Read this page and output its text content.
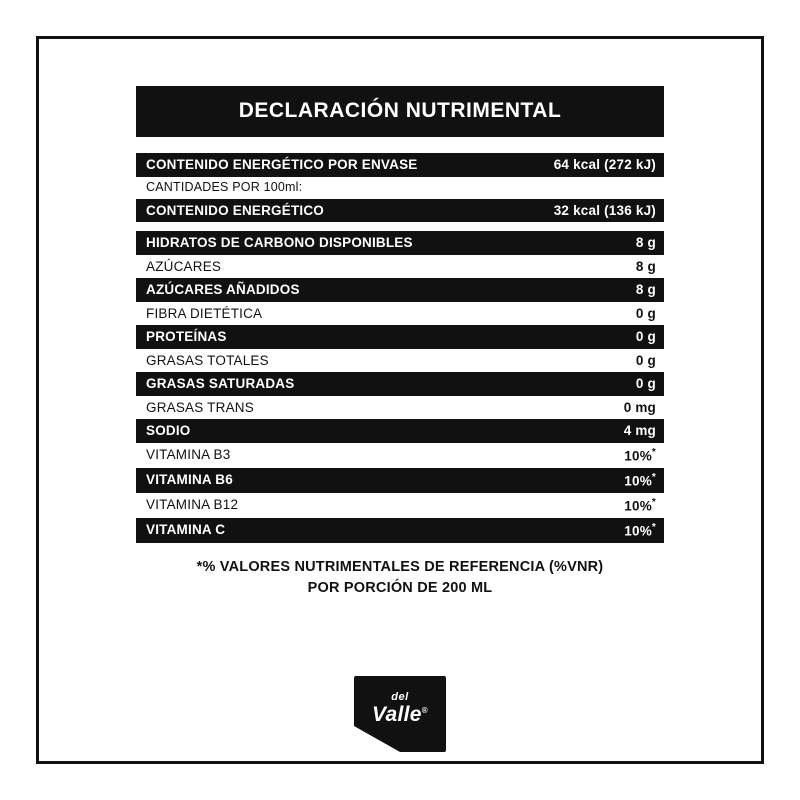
DECLARACIÓN NUTRIMENTAL
CONTENIDO ENERGÉTICO POR ENVASE	64 kcal (272 kJ)
CANTIDADES POR 100ml:
CONTENIDO ENERGÉTICO	32 kcal (136 kJ)
HIDRATOS DE CARBONO DISPONIBLES	8 g
AZÚCARES	8 g
AZÚCARES AÑADIDOS	8 g
FIBRA DIETÉTICA	0 g
PROTEÍNAS	0 g
GRASAS TOTALES	0 g
GRASAS SATURADAS	0 g
GRASAS TRANS	0 mg
SODIO	4 mg
VITAMINA B3	10%*
VITAMINA B6	10%*
VITAMINA B12	10%*
VITAMINA C	10%*
*% VALORES NUTRIMENTALES DE REFERENCIA (%VNR)
POR PORCIÓN DE 200 ML
del
Valle®
